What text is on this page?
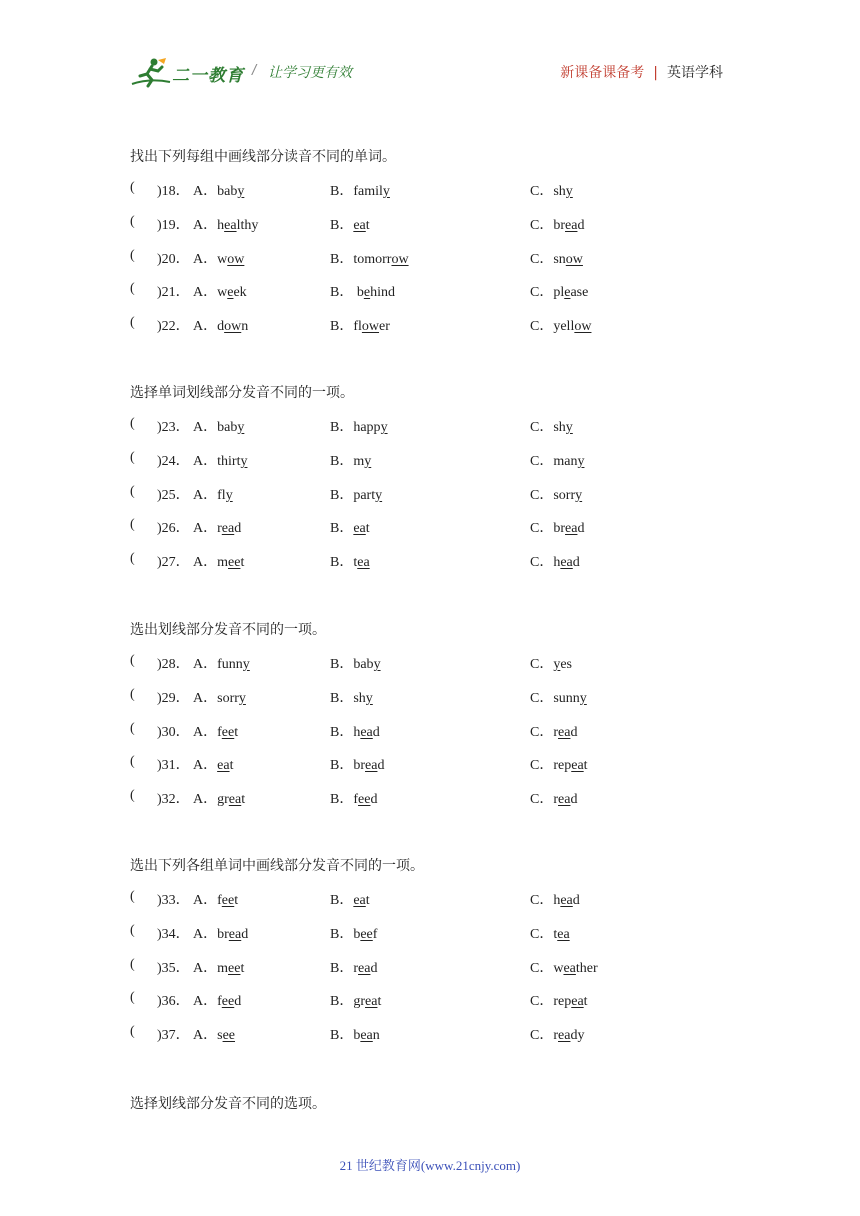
二一教育 / 让学习更有效	新课备课备考 | 英语学科
找出下列每组中画线部分读音不同的单词。
( )18． A．baby	B．family	C．shy
( )19． A．healthy	B．eat	C．bread
( )20． A．wow	B．tomorrow	C．snow
( )21． A．week	B． behind	C．please
( )22． A．down	B．flower	C．yellow
选择单词划线部分发音不同的一项。
( )23． A．baby	B．happy	C．shy
( )24． A．thirty	B．my	C．many
( )25． A．fly	B．party	C．sorry
( )26． A．read	B．eat	C．bread
( )27． A．meet	B．tea	C．head
选出划线部分发音不同的一项。
( )28． A．funny	B．baby	C．yes
( )29． A．sorry	B．shy	C．sunny
( )30． A．feet	B．head	C．read
( )31． A．eat	B．bread	C．repeat
( )32． A．great	B．feed	C．read
选出下列各组单词中画线部分发音不同的一项。
( )33． A．feet	B．eat	C．head
( )34． A．bread	B．beef	C．tea
( )35． A．meet	B．read	C．weather
( )36． A．feed	B．great	C．repeat
( )37． A．see	B．bean	C．ready
选择划线部分发音不同的选项。
21 世纪教育网(www.21cnjy.com)
